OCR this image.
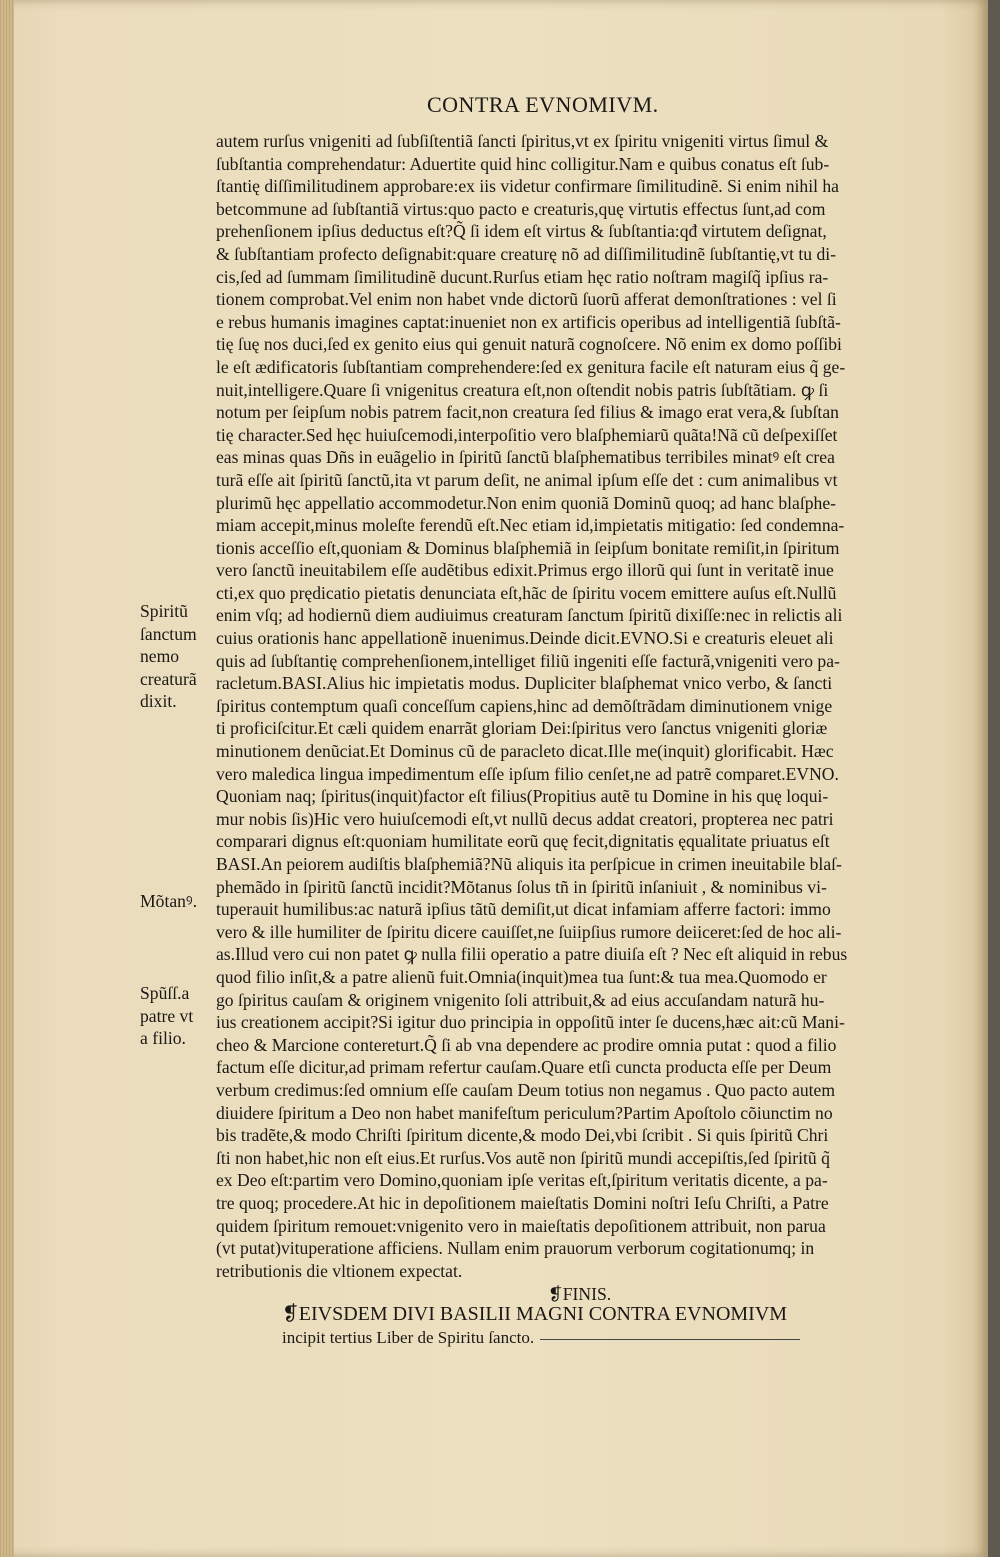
CONTRA EVNOMIVM.
autem rurſus vnigeniti ad ſubſiſtentiã ſancti ſpiritus,vt ex ſpiritu vnigeniti virtus ſimul &
ſubſtantia comprehendatur: Aduertite quid hinc colligitur.Nam e quibus conatus eſt ſub-
ſtantię diſſimilitudinem approbare:ex iis videtur confirmare ſimilitudinẽ. Si enim nihil ha
betcommune ad ſubſtantiã virtus:quo pacto e creaturis,quę virtutis effectus ſunt,ad com
prehenſionem ipſius deductus eſt?Q̃ ſi idem eſt virtus & ſubſtantia:qđ virtutem deſignat,
& ſubſtantiam profecto deſignabit:quare creaturę nõ ad diſſimilitudinẽ ſubſtantię,vt tu di-
cis,ſed ad ſummam ſimilitudinẽ ducunt.Rurſus etiam hęc ratio noſtram magiſq̃ ipſius ra-
tionem comprobat.Vel enim non habet vnde dictorũ ſuorũ afferat demonſtrationes : vel ſi
e rebus humanis imagines captat:inueniet non ex artificis operibus ad intelligentiã ſubſtã-
tię ſuę nos duci,ſed ex genito eius qui genuit naturã cognoſcere. Nõ enim ex domo poſſibi
le eſt ædificatoris ſubſtantiam comprehendere:ſed ex genitura facile eſt naturam eius q̃ ge-
nuit,intelligere.Quare ſi vnigenitus creatura eſt,non oſtendit nobis patris ſubſtãtiam. ꝙ ſi
notum per ſeipſum nobis patrem facit,non creatura ſed filius & imago erat vera,& ſubſtan
tię character.Sed hęc huiuſcemodi,interpoſitio vero blaſphemiarũ quãta!Nã cũ deſpexiſſet
eas minas quas Dñs in euãgelio in ſpiritũ ſanctũ blaſphematibus terribiles minatꝰ eſt crea
turã eſſe ait ſpiritũ ſanctũ,ita vt parum deſit, ne animal ipſum eſſe det : cum animalibus vt
plurimũ hęc appellatio accommodetur.Non enim quoniã Dominũ quoq; ad hanc blaſphe-
miam accepit,minus moleſte ferendũ eſt.Nec etiam id,impietatis mitigatio: ſed condemna-
tionis acceſſio eſt,quoniam & Dominus blaſphemiã in ſeipſum bonitate remiſit,in ſpiritum
vero ſanctũ ineuitabilem eſſe audẽtibus edixit.Primus ergo illorũ qui ſunt in veritatẽ inue
cti,ex quo prędicatio pietatis denunciata eſt,hãc de ſpiritu vocem emittere auſus eſt.Nullũ
enim vſq; ad hodiernũ diem audiuimus creaturam ſanctum ſpiritũ dixiſſe:nec in relictis ali
cuius orationis hanc appellationẽ inuenimus.Deinde dicit.EVNO.Si e creaturis eleuet ali
quis ad ſubſtantię comprehenſionem,intelliget filiũ ingeniti eſſe facturã,vnigeniti vero pa-
racletum.BASI.Alius hic impietatis modus. Dupliciter blaſphemat vnico verbo, & ſancti
ſpiritus contemptum quaſi conceſſum capiens,hinc ad demõſtrãdam diminutionem vnige
ti proficiſcitur.Et cæli quidem enarrãt gloriam Dei:ſpiritus vero ſanctus vnigeniti gloriæ
minutionem denũciat.Et Dominus cũ de paracleto dicat.Ille me(inquit) glorificabit. Hæc
vero maledica lingua impedimentum eſſe ipſum filio cenſet,ne ad patrẽ comparet.EVNO.
Quoniam naq; ſpiritus(inquit)factor eſt filius(Propitius autẽ tu Domine in his quę loqui-
mur nobis ſis)Hic vero huiuſcemodi eſt,vt nullũ decus addat creatori, propterea nec patri
comparari dignus eſt:quoniam humilitate eorũ quę fecit,dignitatis ęqualitate priuatus eſt
BASI.An peiorem audiſtis blaſphemiã?Nũ aliquis ita perſpicue in crimen ineuitabile blaſ-
phemãdo in ſpiritũ ſanctũ incidit?Mõtanus ſolus tñ in ſpiritũ inſaniuit , & nominibus vi-
tuperauit humilibus:ac naturã ipſius tãtũ demiſit,ut dicat infamiam afferre factori: immo
vero & ille humiliter de ſpiritu dicere cauiſſet,ne ſuiipſius rumore deiiceret:ſed de hoc ali-
as.Illud vero cui non patet ꝙ nulla filii operatio a patre diuiſa eſt ? Nec eſt aliquid in rebus
quod filio inſit,& a patre alienũ fuit.Omnia(inquit)mea tua ſunt:& tua mea.Quomodo er
go ſpiritus cauſam & originem vnigenito ſoli attribuit,& ad eius accuſandam naturã hu-
ius creationem accipit?Si igitur duo principia in oppoſitũ inter ſe ducens,hæc ait:cũ Mani-
cheo & Marcione contereturt.Q̃ ſi ab vna dependere ac prodire omnia putat : quod a filio
factum eſſe dicitur,ad primam refertur cauſam.Quare etſi cuncta producta eſſe per Deum
verbum credimus:ſed omnium eſſe cauſam Deum totius non negamus . Quo pacto autem
diuidere ſpiritum a Deo non habet manifeſtum periculum?Partim Apoſtolo cõiunctim no
bis tradẽte,& modo Chriſti ſpiritum dicente,& modo Dei,vbi ſcribit . Si quis ſpiritũ Chri
ſti non habet,hic non eſt eius.Et rurſus.Vos autẽ non ſpiritũ mundi accepiſtis,ſed ſpiritũ q̃
ex Deo eſt:partim vero Domino,quoniam ipſe veritas eſt,ſpiritum veritatis dicente, a pa-
tre quoq; procedere.At hic in depoſitionem maieſtatis Domini noſtri Ieſu Chriſti, a Patre
quidem ſpiritum remouet:vnigenito vero in maieſtatis depoſitionem attribuit, non parua
(vt putat)vituperatione afficiens. Nullam enim prauorum verborum cogitationumq; in
retributionis die vltionem expectat.
Spiritũ
ſanctum
nemo
creaturã
dixit.
Mõtanꝰ.
Spũſſ.a
patre vt
a filio.
❡FINIS.
❡EIVSDEM DIVI BASILII MAGNI CONTRA EVNOMIVM
incipit tertius Liber de Spiritu ſancto.
